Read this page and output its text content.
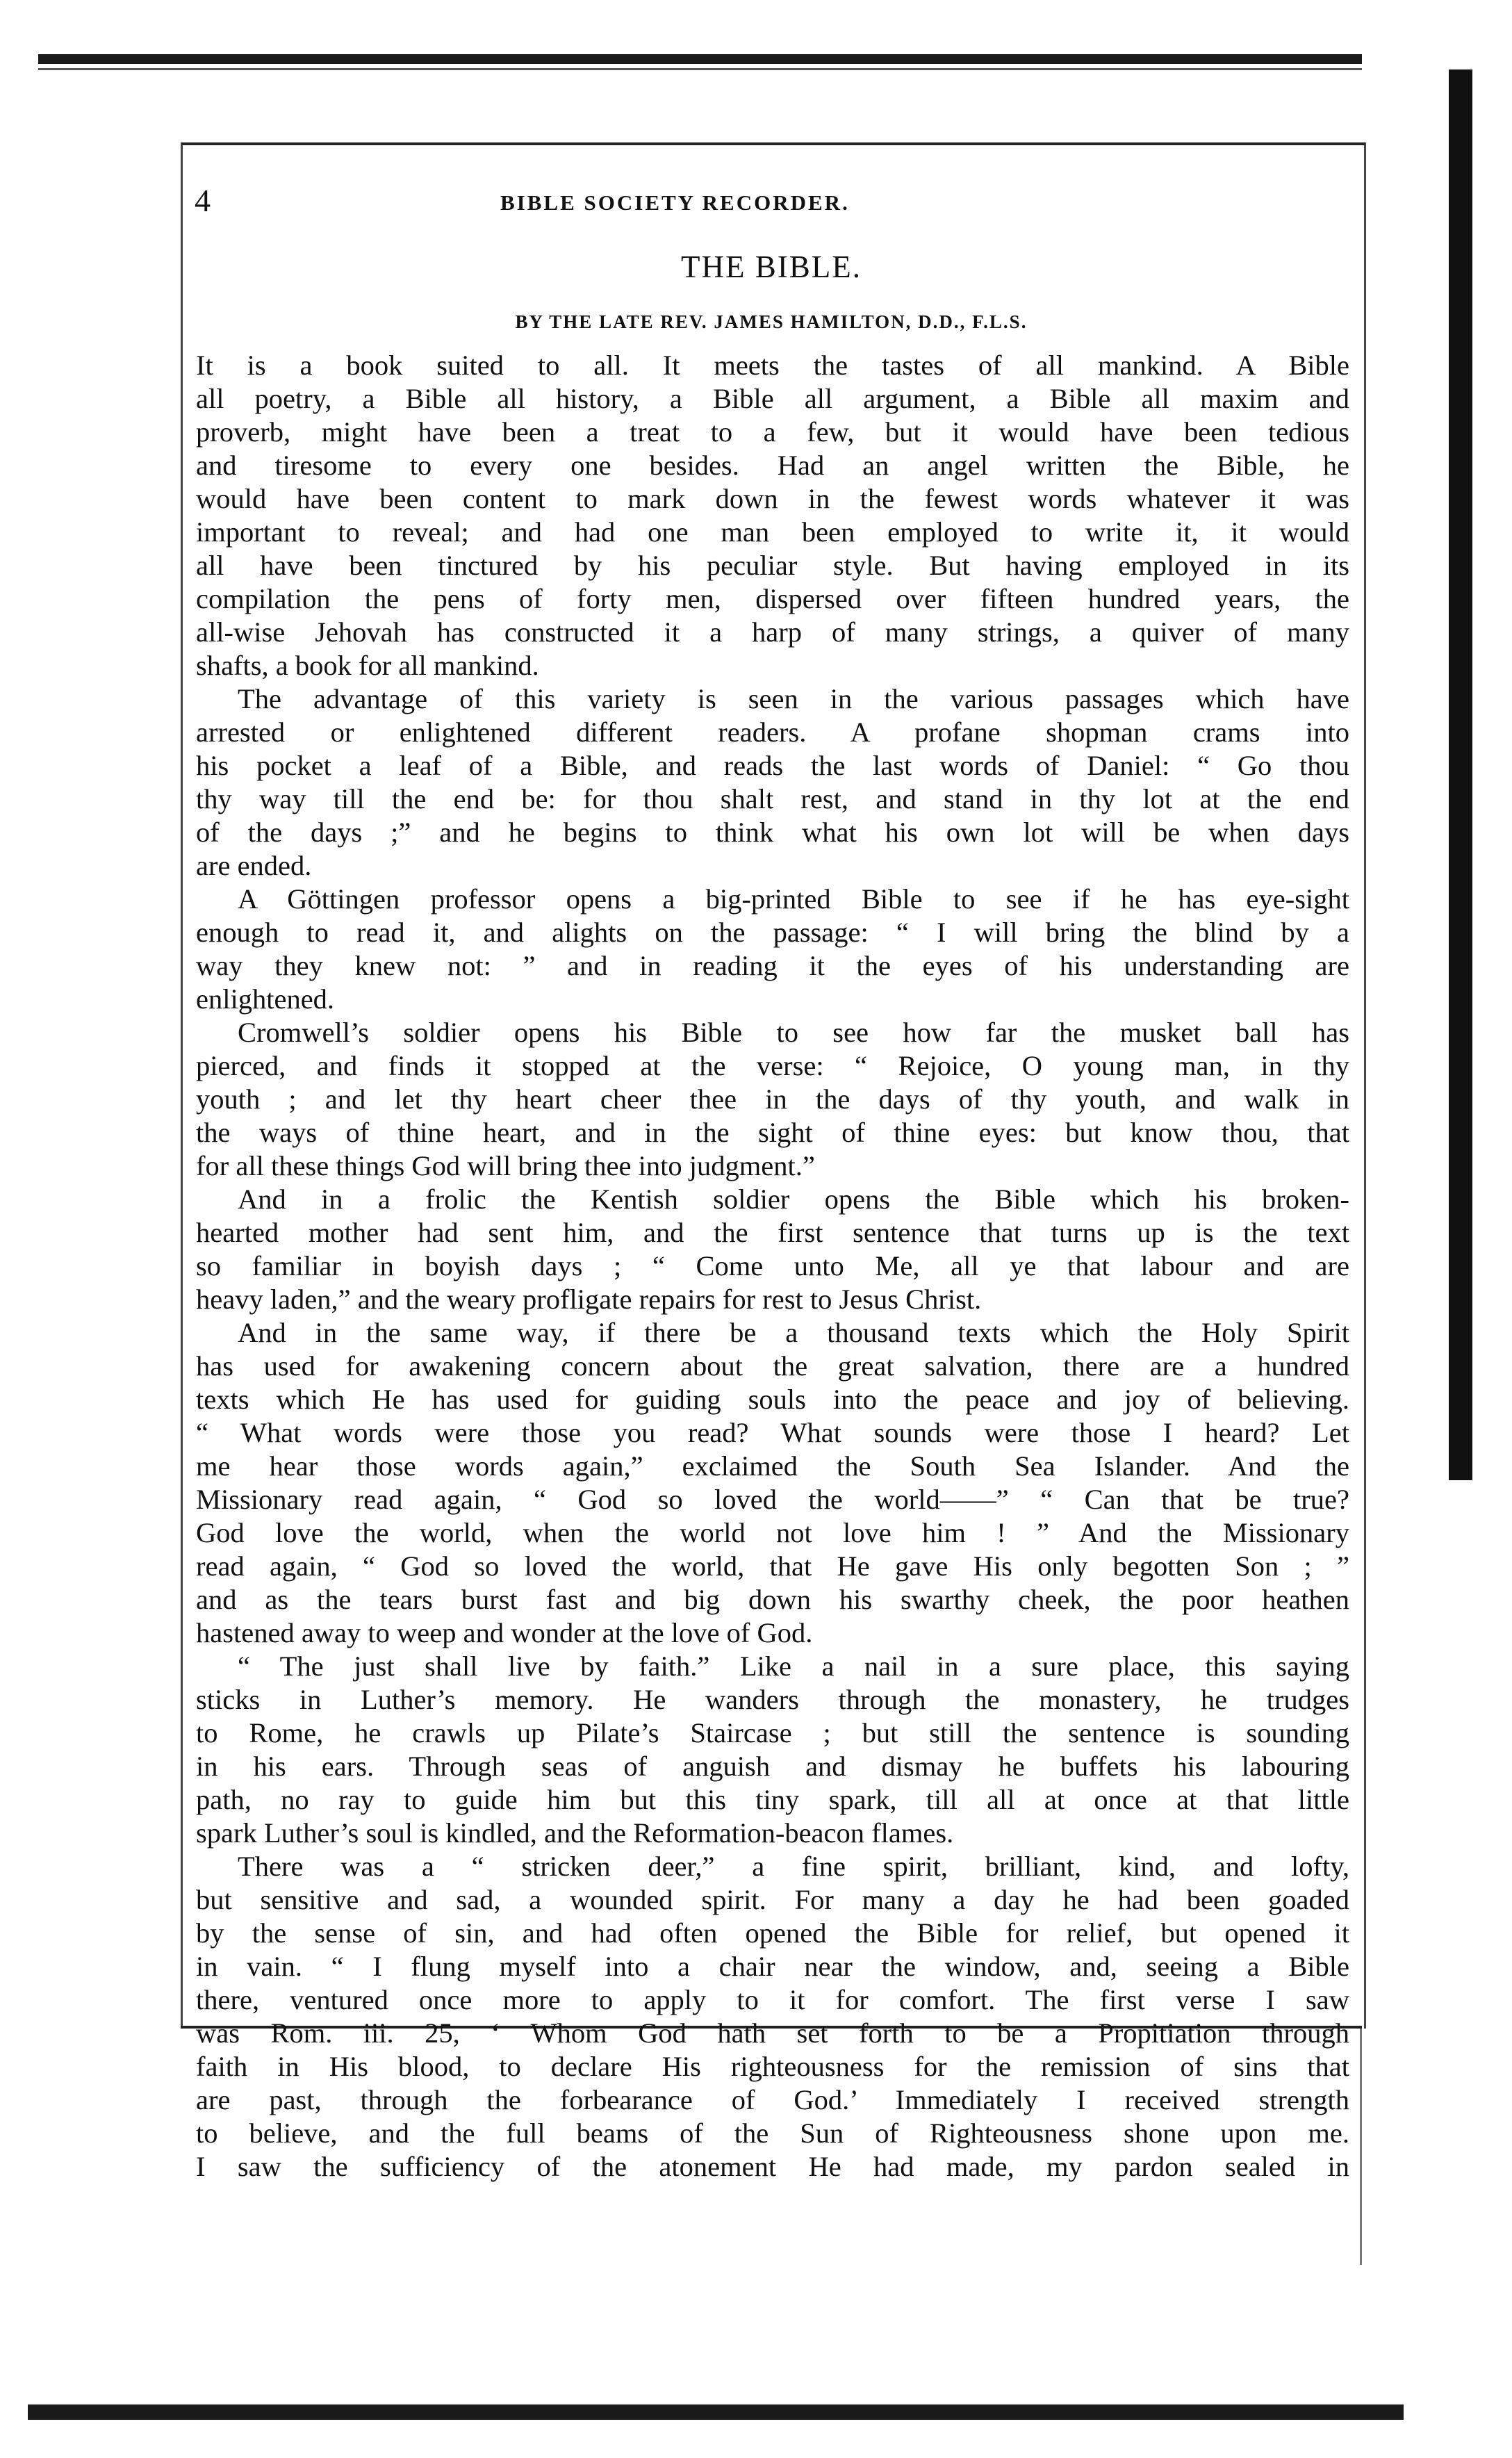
4	BIBLE SOCIETY RECORDER.
THE BIBLE.
BY THE LATE REV. JAMES HAMILTON, D.D., F.L.S.
It is a book suited to all. It meets the tastes of all mankind. A Bible
all poetry, a Bible all history, a Bible all argument, a Bible all maxim and
proverb, might have been a treat to a few, but it would have been tedious
and tiresome to every one besides. Had an angel written the Bible, he
would have been content to mark down in the fewest words whatever it was
important to reveal; and had one man been employed to write it, it would
all have been tinctured by his peculiar style. But having employed in its
compilation the pens of forty men, dispersed over fifteen hundred years, the
all-wise Jehovah has constructed it a harp of many strings, a quiver of many
shafts, a book for all mankind.
The advantage of this variety is seen in the various passages which have
arrested or enlightened different readers. A profane shopman crams into
his pocket a leaf of a Bible, and reads the last words of Daniel: “ Go thou
thy way till the end be: for thou shalt rest, and stand in thy lot at the end
of the days ;” and he begins to think what his own lot will be when days
are ended.
A Göttingen professor opens a big-printed Bible to see if he has eye-sight
enough to read it, and alights on the passage: “ I will bring the blind by a
way they knew not: ” and in reading it the eyes of his understanding are
enlightened.
Cromwell’s soldier opens his Bible to see how far the musket ball has
pierced, and finds it stopped at the verse: “ Rejoice, O young man, in thy
youth ; and let thy heart cheer thee in the days of thy youth, and walk in
the ways of thine heart, and in the sight of thine eyes: but know thou, that
for all these things God will bring thee into judgment.”
And in a frolic the Kentish soldier opens the Bible which his broken-
hearted mother had sent him, and the first sentence that turns up is the text
so familiar in boyish days ; “ Come unto Me, all ye that labour and are
heavy laden,” and the weary profligate repairs for rest to Jesus Christ.
And in the same way, if there be a thousand texts which the Holy Spirit
has used for awakening concern about the great salvation, there are a hundred
texts which He has used for guiding souls into the peace and joy of believing.
“ What words were those you read? What sounds were those I heard? Let
me hear those words again,” exclaimed the South Sea Islander. And the
Missionary read again, “ God so loved the world——” “ Can that be true?
God love the world, when the world not love him ! ” And the Missionary
read again, “ God so loved the world, that He gave His only begotten Son ; ”
and as the tears burst fast and big down his swarthy cheek, the poor heathen
hastened away to weep and wonder at the love of God.
“ The just shall live by faith.” Like a nail in a sure place, this saying
sticks in Luther’s memory. He wanders through the monastery, he trudges
to Rome, he crawls up Pilate’s Staircase ; but still the sentence is sounding
in his ears. Through seas of anguish and dismay he buffets his labouring
path, no ray to guide him but this tiny spark, till all at once at that little
spark Luther’s soul is kindled, and the Reformation-beacon flames.
There was a “ stricken deer,” a fine spirit, brilliant, kind, and lofty,
but sensitive and sad, a wounded spirit. For many a day he had been goaded
by the sense of sin, and had often opened the Bible for relief, but opened it
in vain. “ I flung myself into a chair near the window, and, seeing a Bible
there, ventured once more to apply to it for comfort. The first verse I saw
was Rom. iii. 25, ‘ Whom God hath set forth to be a Propitiation through
faith in His blood, to declare His righteousness for the remission of sins that
are past, through the forbearance of God.’ Immediately I received strength
to believe, and the full beams of the Sun of Righteousness shone upon me.
I saw the sufficiency of the atonement He had made, my pardon sealed in
